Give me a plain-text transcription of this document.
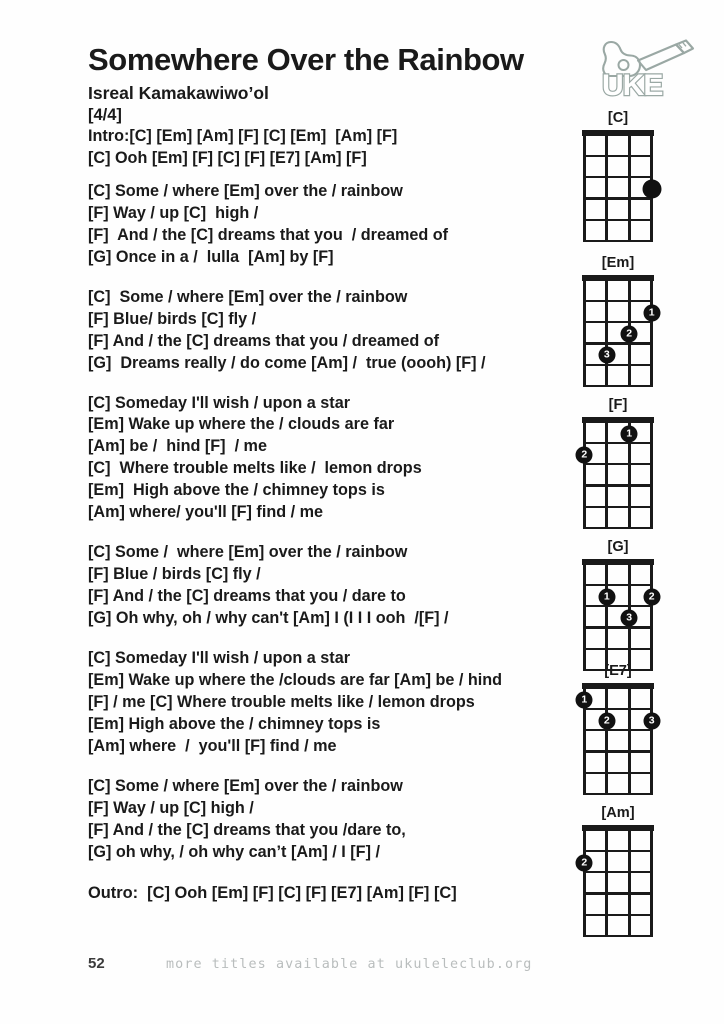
UKE
Somewhere Over the Rainbow
Isreal Kamakawiwo’ol
[4/4]
Intro:[C] [Em] [Am] [F] [C] [Em]  [Am] [F]
[C] Ooh [Em] [F] [C] [F] [E7] [Am] [F]
[C] Some / where [Em] over the / rainbow
[F] Way / up [C]  high /
[F]  And / the [C] dreams that you  / dreamed of
[G] Once in a /  lulla  [Am] by [F]
[C]  Some / where [Em] over the / rainbow
[F] Blue/ birds [C] fly /
[F] And / the [C] dreams that you / dreamed of
[G]  Dreams really / do come [Am] /  true (oooh) [F] /
[C] Someday I'll wish / upon a star
[Em] Wake up where the / clouds are far
[Am] be /  hind [F]  / me
[C]  Where trouble melts like /  lemon drops
[Em]  High above the / chimney tops is
[Am] where/ you'll [F] find / me
[C] Some /  where [Em] over the / rainbow
[F] Blue / birds [C] fly /
[F] And / the [C] dreams that you / dare to
[G] Oh why, oh / why can't [Am] I (I I I ooh  /[F] /
[C] Someday I'll wish / upon a star
[Em] Wake up where the /clouds are far [Am] be / hind
[F] / me [C] Where trouble melts like / lemon drops
[Em] High above the / chimney tops is
[Am] where  /  you'll [F] find / me
[C] Some / where [Em] over the / rainbow
[F] Way / up [C] high /
[F] And / the [C] dreams that you /dare to,
[G] oh why, / oh why can’t [Am] / I [F] /
Outro:  [C] Ooh [Em] [F] [C] [F] [E7] [Am] [F] [C]
[C]
[Em]
1
2
3
[F]
1
2
[G]
1	2
3
[E7]
1
2	3
[Am]
2
52	more titles available at ukuleleclub.org
